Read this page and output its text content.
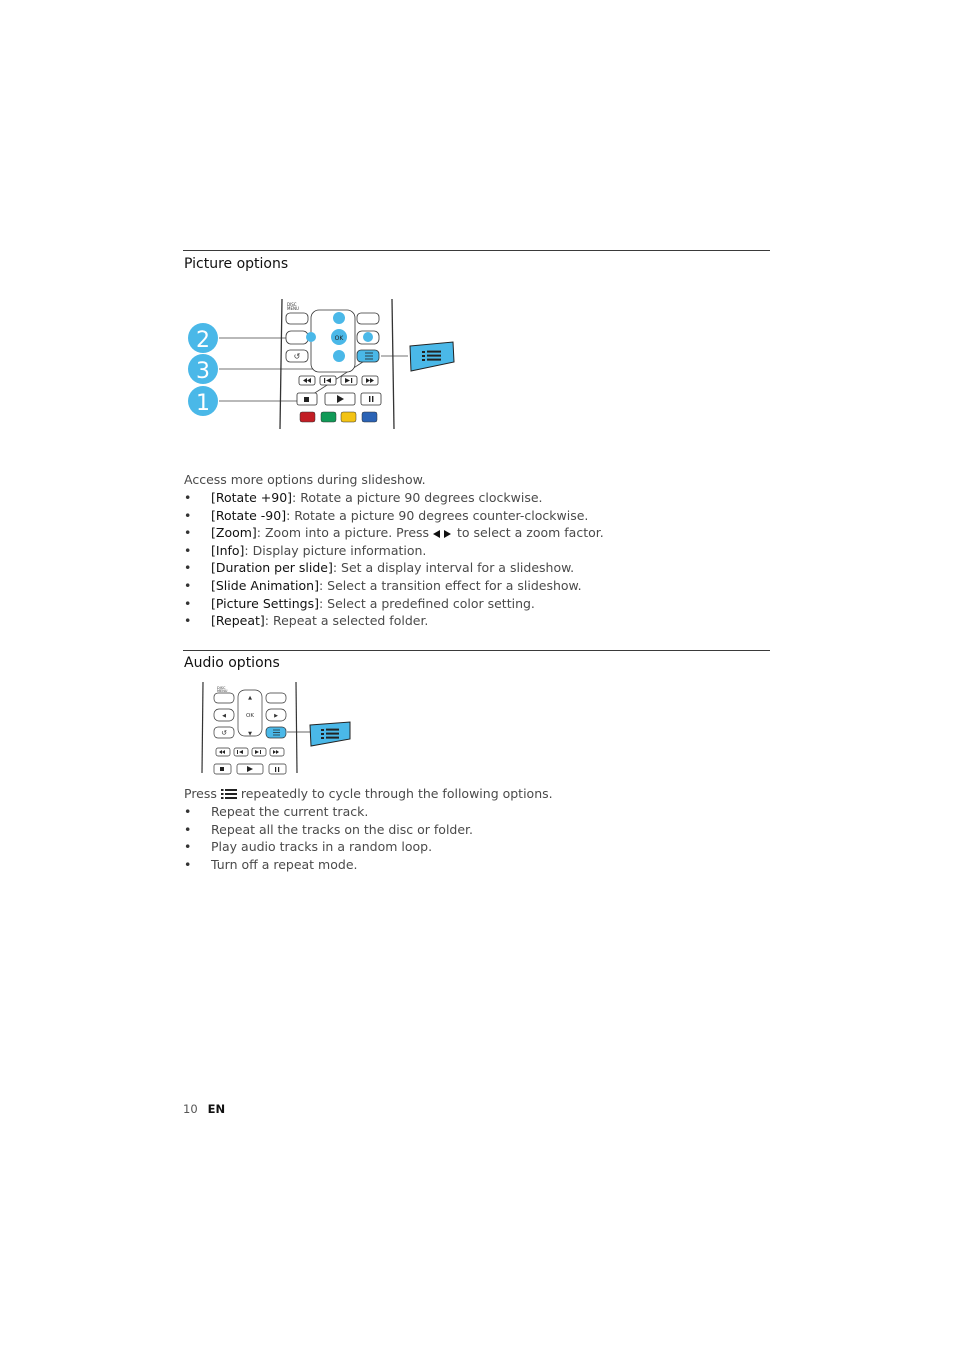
Picture options
2
3
1
DISC
MENU
OK
↺
Access more options during slideshow.
• [Rotate +90]: Rotate a picture 90 degrees clockwise.
• [Rotate -90]: Rotate a picture 90 degrees counter-clockwise.
• [Zoom]: Zoom into a picture. Press  to select a zoom factor.
• [Info]: Display picture information.
• [Duration per slide]: Set a display interval for a slideshow.
• [Slide Animation]: Select a transition effect for a slideshow.
• [Picture Settings]: Select a predefined color setting.
• [Repeat]: Repeat a selected folder.
Audio options
DISC
MENU
▲
◀	OK	▶
↺	▼
Press  repeatedly to cycle through the following options.
• Repeat the current track.
• Repeat all the tracks on the disc or folder.
• Play audio tracks in a random loop.
• Turn off a repeat mode.
10 EN
